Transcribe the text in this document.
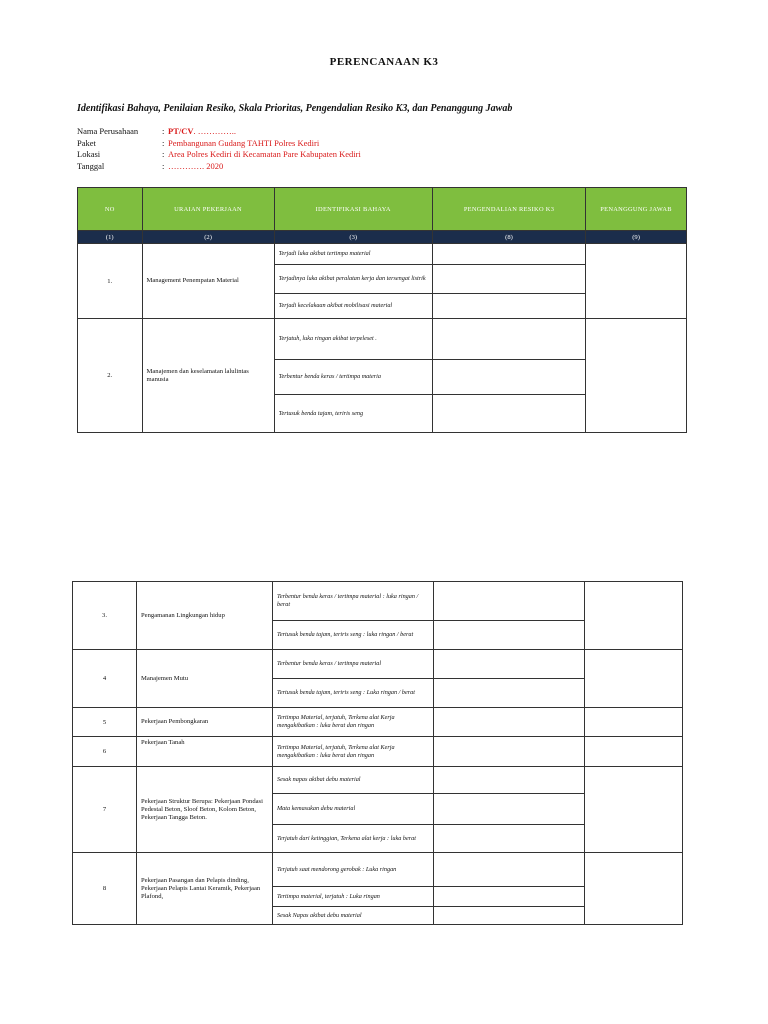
PERENCANAAN K3
Identifikasi Bahaya, Penilaian Resiko, Skala Prioritas, Pengendalian Resiko K3, dan Penanggung Jawab
Nama Perusahaan	: PT/CV. …………..
Paket	: Pembangunan Gudang TAHTI Polres Kediri
Lokasi	: Area Polres Kediri di Kecamatan Pare Kabupaten Kediri
Tanggal	: …………. 2020
NO	URAIAN PEKERJAAN	IDENTIFIKASI BAHAYA	PENGENDALIAN RESIKO K3	PENANGGUNG JAWAB
(1)	(2)	(3)	(8)	(9)
1.	Management Penempatan Material	Terjadi luka akibat tertimpa material		
		Terjadinya luka akibat peralatan kerja dan tersengat listrik		
		Terjadi kecelakaan akibat mobilisasi material		
2.	Manajemen dan keselamatan lalulintas manusia	Terjatuh, luka ringan akibat terpeleset .		
		Terbentur benda keras / tertimpa materia		
		Tertusuk benda tajam, teriris seng		
3.	Pengamanan Lingkungan hidup	Terbentur benda keras / tertimpa material : luka ringan / berat		
		Tertusuk benda tajam, teriris seng : luka ringan / berat		
4	Manajemen Mutu	Terbentur benda keras / tertimpa material		
		Tertusuk benda tajam, teriris seng : Luka ringan / berat		
5	Pekerjaan Pembongkaran	Tertimpa Material, terjatuh, Terkena alat Kerja mengakibatkan : luka berat dan ringan		
6	Pekerjaan Tanah	Tertimpa Material, terjatuh, Terkena alat Kerja mengakibatkan : luka berat dan ringan		
7	Pekerjaan Struktur Berupa: Pekerjaan Pondasi Pedestal Beton, Sloof Beton, Kolom Beton, Pekerjaan Tangga Beton.	Sesak napas akibat debu material		
		Mata kemasukan debu material		
		Terjatuh dari ketinggian, Terkena alat kerja : luka berat		
8	Pekerjaan Pasangan dan Pelapis dinding, Pekerjaan Pelapis Lantai Keramik, Pekerjaan Plafond,	Terjatuh saat mendorong gerobak : Luka ringan		
		Tertimpa material, terjatuh : Luka ringan		
		Sesak Napas akibat debu material		
